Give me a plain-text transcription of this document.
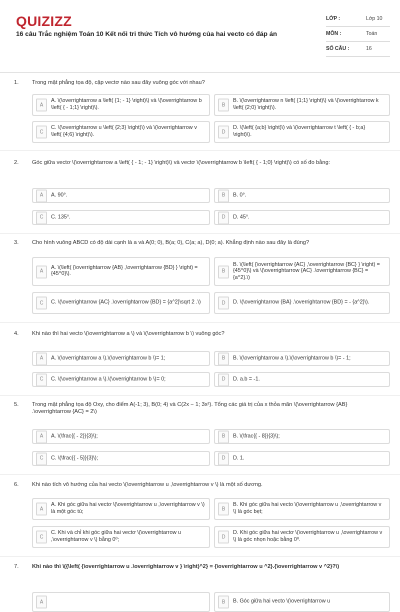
QUIZIZZ
16 câu Trắc nghiệm Toán 10 Kết nối tri thức Tích vô hướng của hai vecto có đáp án
LỚP :	Lớp 10
MÔN :	Toán
SỐ CÂU :	16
1. Trong mặt phẳng tọa độ, cặp vectơ nào sau đây vuông góc với nhau?
A
A. \(\overrightarrow a \left( {1; - 1} \right)\) và \(\overrightarrow b \left( { - 1;1} \right)\).	B
B. \(\overrightarrow n \left( {1;1} \right)\) và \(\overrightarrow k \left( {2;0} \right)\).
C
C. \(\overrightarrow u \left( {2;3} \right)\) và \(\overrightarrow v \left( {4;6} \right)\).	D
D. \(\left( {a;b} \right)\) và \(\overrightarrow t \left( { - b;a} \right)\).
2. Góc giữa vectơ \(\overrightarrow a \left( { - 1; - 1} \right)\) và vectơ \(\overrightarrow b \left( { - 1;0} \right)\) có số đo bằng:
A	A. 90°.	B	B. 0°.
C	C. 135°.	D	D. 45°.
3. Cho hình vuông ABCD có độ dài cạnh là a và A(0; 0), B(a; 0), C(a; a), D(0; a). Khẳng định nào sau đây là đúng?
A
A. \(\left( {\overrightarrow {AB} ,\overrightarrow {BD} } \right) = {45^0}\).	B
B. \(\left( {\overrightarrow {AC} ,\overrightarrow {BC} } \right) = {45^0}\) và \(\overrightarrow {AC} .\overrightarrow {BC} = {a^2}.\)
C	C. \(\overrightarrow {AC} .\overrightarrow {BD} = {a^2}\sqrt 2 .\)	D	D. \(\overrightarrow {BA} .\overrightarrow {BD} = - {a^2}\).
4. Khi nào thì hai vecto \(\overrightarrow a \) và \(\overrightarrow b \) vuông góc?
A	A. \(\overrightarrow a \).\(\overrightarrow b \)= 1;	B	B. \(\overrightarrow a \).\(\overrightarrow b \)= - 1;
C	C. \(\overrightarrow a \).\(\overrightarrow b \)= 0;	D	D. a.b = -1.
5. Trong mặt phẳng tọa độ Oxy, cho điểm A(-1; 3), B(0; 4) và C(2x − 1; 3x²). Tổng các giá trị của x thỏa mãn \(\overrightarrow {AB} .\overrightarrow {AC} = 2\)
A	A. \(\frac{{ - 2}}{3}\);	B	B. \(\frac{{ - 8}}{3}\);
C	C. \(\frac{{ - 5}}{3}\);	D	D. 1.
6. Khi nào tích vô hướng của hai vecto \(\overrightarrow u ,\overrightarrow v \) là một số dương.
A
A. Khi góc giữa hai vectơ \(\overrightarrow u ,\overrightarrow v \) là một góc tù;	B
B. Khi góc giữa hai vecto \(\overrightarrow u ,\overrightarrow v \) là góc bẹt;
C
C. Khi và chỉ khi góc giữa hai vectơ \(\overrightarrow u ,\overrightarrow v \) bằng 0⁰;	D
D. Khi góc giữa hai vectơ \(\overrightarrow u ,\overrightarrow v \) là góc nhọn hoặc bằng 0⁰.
7. Khi nào thì \({\left( {\overrightarrow u .\overrightarrow v } \right)^2} = {\overrightarrow u ^2}.{\overrightarrow v ^2}?\)
A	B	B. Góc giữa hai vecto \(\overrightarrow u
